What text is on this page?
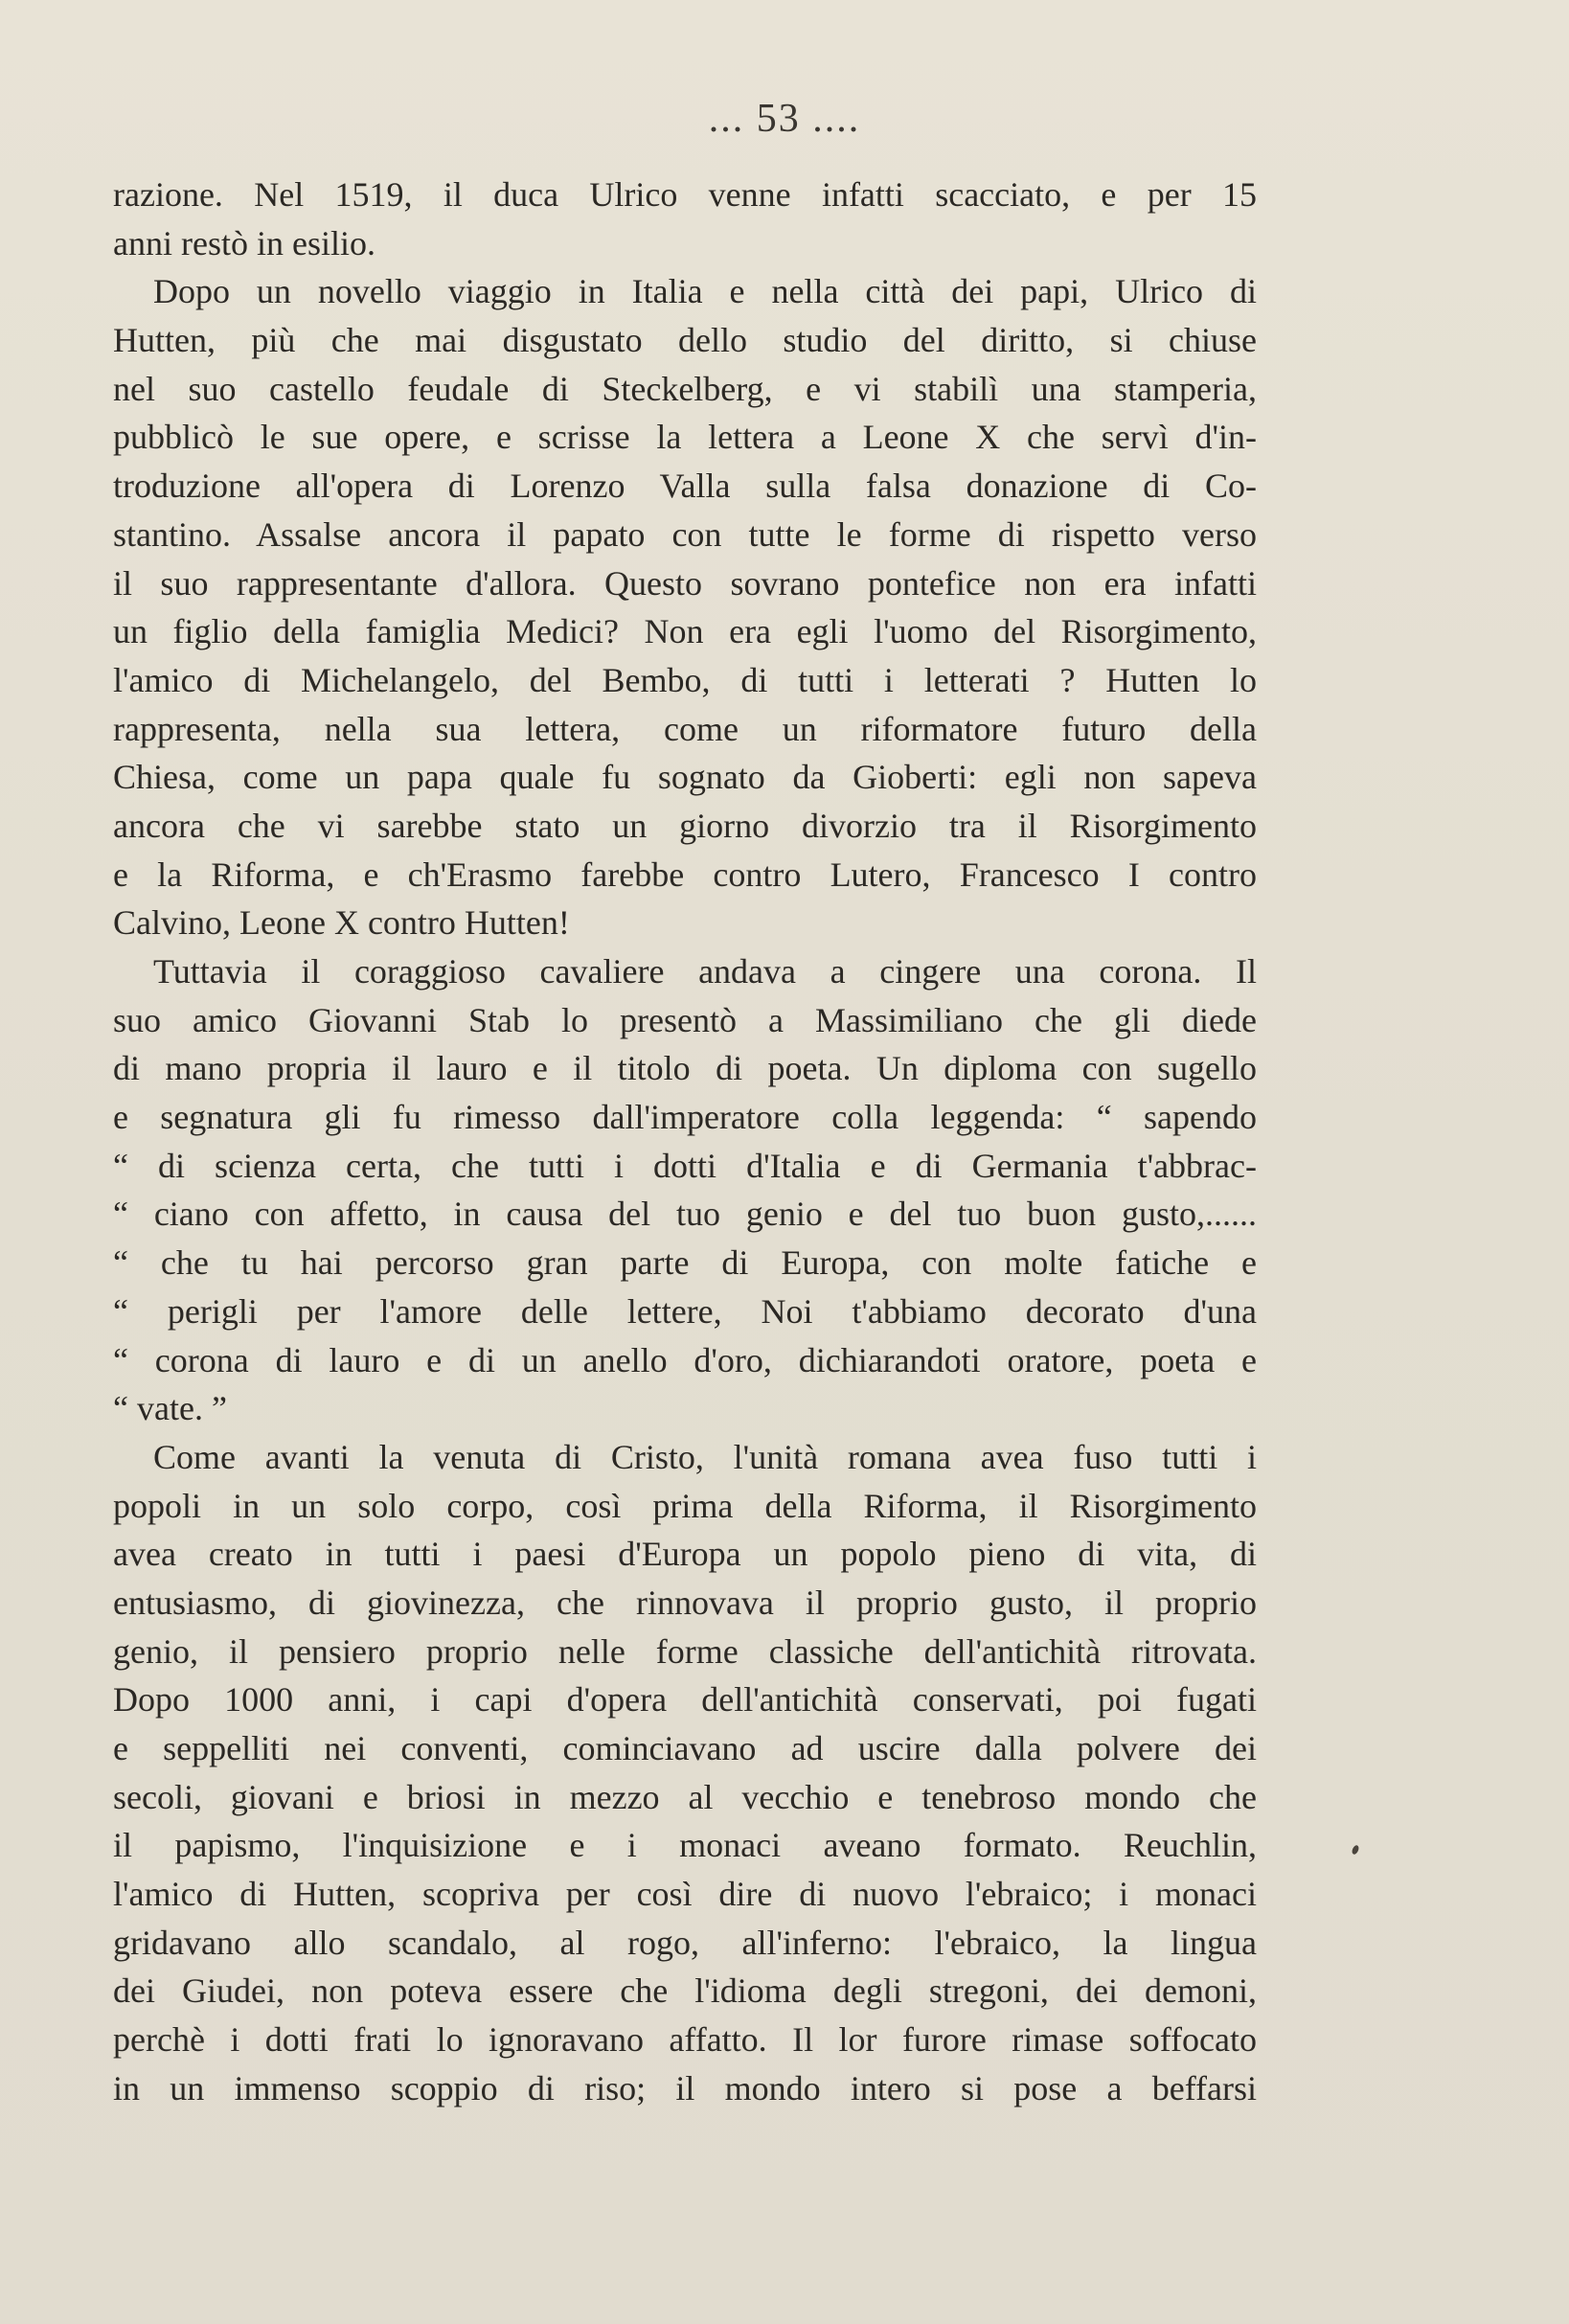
... 53 ....
razione. Nel 1519, il duca Ulrico venne infatti scacciato, e per 15
anni restò in esilio.
Dopo un novello viaggio in Italia e nella città dei papi, Ulrico di
Hutten, più che mai disgustato dello studio del diritto, si chiuse
nel suo castello feudale di Steckelberg, e vi stabilì una stamperia,
pubblicò le sue opere, e scrisse la lettera a Leone X che servì d'in-
troduzione all'opera di Lorenzo Valla sulla falsa donazione di Co-
stantino. Assalse ancora il papato con tutte le forme di rispetto verso
il suo rappresentante d'allora. Questo sovrano pontefice non era infatti
un figlio della famiglia Medici? Non era egli l'uomo del Risorgimento,
l'amico di Michelangelo, del Bembo, di tutti i letterati ? Hutten lo
rappresenta, nella sua lettera, come un riformatore futuro della
Chiesa, come un papa quale fu sognato da Gioberti: egli non sapeva
ancora che vi sarebbe stato un giorno divorzio tra il Risorgimento
e la Riforma, e ch'Erasmo farebbe contro Lutero, Francesco I contro
Calvino, Leone X contro Hutten!
Tuttavia il coraggioso cavaliere andava a cingere una corona. Il
suo amico Giovanni Stab lo presentò a Massimiliano che gli diede
di mano propria il lauro e il titolo di poeta. Un diploma con sugello
e segnatura gli fu rimesso dall'imperatore colla leggenda: “ sapendo
“ di scienza certa, che tutti i dotti d'Italia e di Germania t'abbrac-
“ ciano con affetto, in causa del tuo genio e del tuo buon gusto,......
“ che tu hai percorso gran parte di Europa, con molte fatiche e
“ perigli per l'amore delle lettere, Noi t'abbiamo decorato d'una
“ corona di lauro e di un anello d'oro, dichiarandoti oratore, poeta e
“ vate. ”
Come avanti la venuta di Cristo, l'unità romana avea fuso tutti i
popoli in un solo corpo, così prima della Riforma, il Risorgimento
avea creato in tutti i paesi d'Europa un popolo pieno di vita, di
entusiasmo, di giovinezza, che rinnovava il proprio gusto, il proprio
genio, il pensiero proprio nelle forme classiche dell'antichità ritrovata.
Dopo 1000 anni, i capi d'opera dell'antichità conservati, poi fugati
e seppelliti nei conventi, cominciavano ad uscire dalla polvere dei
secoli, giovani e briosi in mezzo al vecchio e tenebroso mondo che
il papismo, l'inquisizione e i monaci aveano formato. Reuchlin,
l'amico di Hutten, scopriva per così dire di nuovo l'ebraico; i monaci
gridavano allo scandalo, al rogo, all'inferno: l'ebraico, la lingua
dei Giudei, non poteva essere che l'idioma degli stregoni, dei demoni,
perchè i dotti frati lo ignoravano affatto. Il lor furore rimase soffocato
in un immenso scoppio di riso; il mondo intero si pose a beffarsi
